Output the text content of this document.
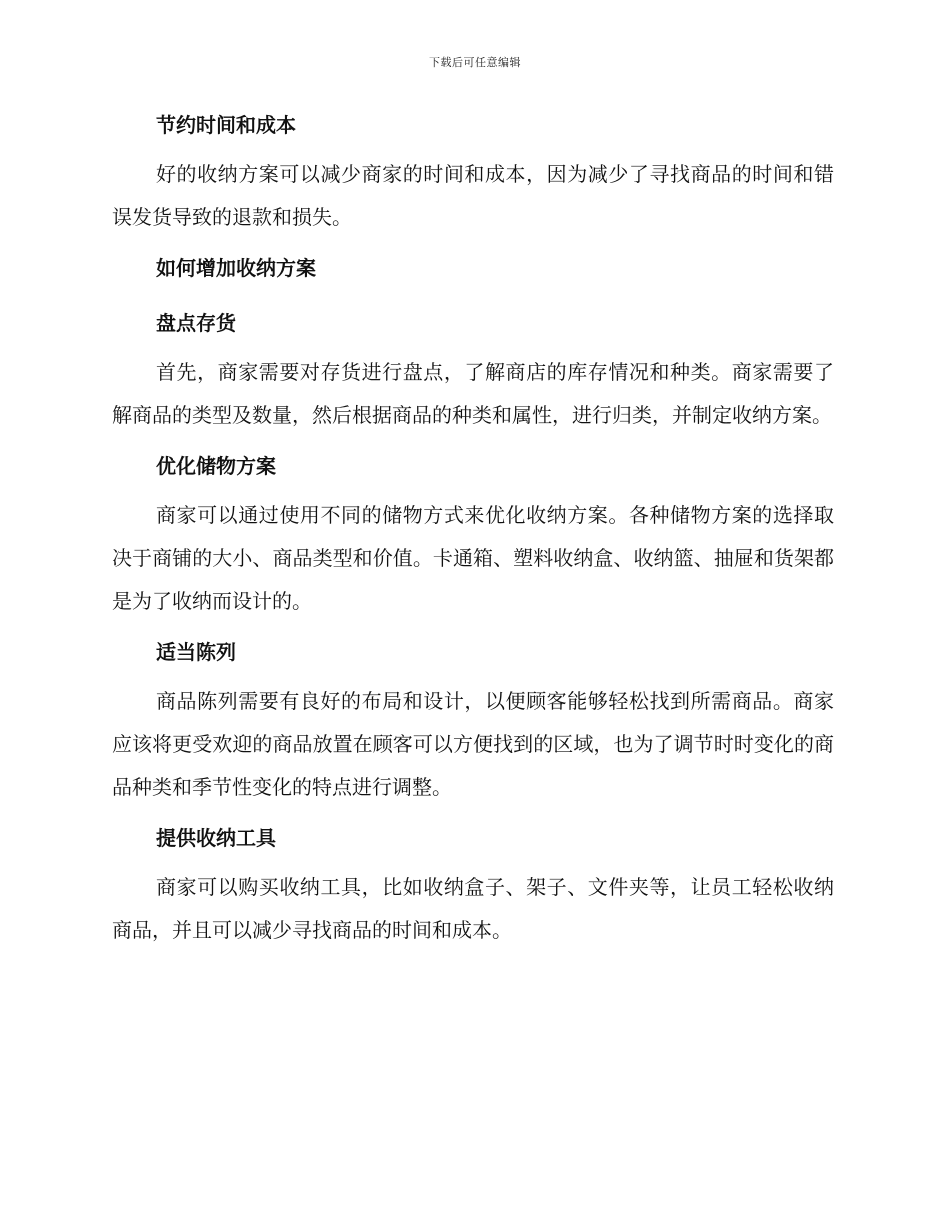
下载后可任意编辑
节约时间和成本

好的收纳方案可以减少商家的时间和成本，因为减少了寻找商品的时间和错误发货导致的退款和损失。

如何增加收纳方案
盘点存货

首先，商家需要对存货进行盘点，了解商店的库存情况和种类。商家需要了解商品的类型及数量，然后根据商品的种类和属性，进行归类，并制定收纳方案。

优化储物方案

商家可以通过使用不同的储物方式来优化收纳方案。各种储物方案的选择取决于商铺的大小、商品类型和价值。卡通箱、塑料收纳盒、收纳篮、抽屉和货架都是为了收纳而设计的。

适当陈列

商品陈列需要有良好的布局和设计，以便顾客能够轻松找到所需商品。商家应该将更受欢迎的商品放置在顾客可以方便找到的区域，也为了调节时时变化的商品种类和季节性变化的特点进行调整。

提供收纳工具

商家可以购买收纳工具，比如收纳盒子、架子、文件夹等，让员工轻松收纳商品，并且可以减少寻找商品的时间和成本。
